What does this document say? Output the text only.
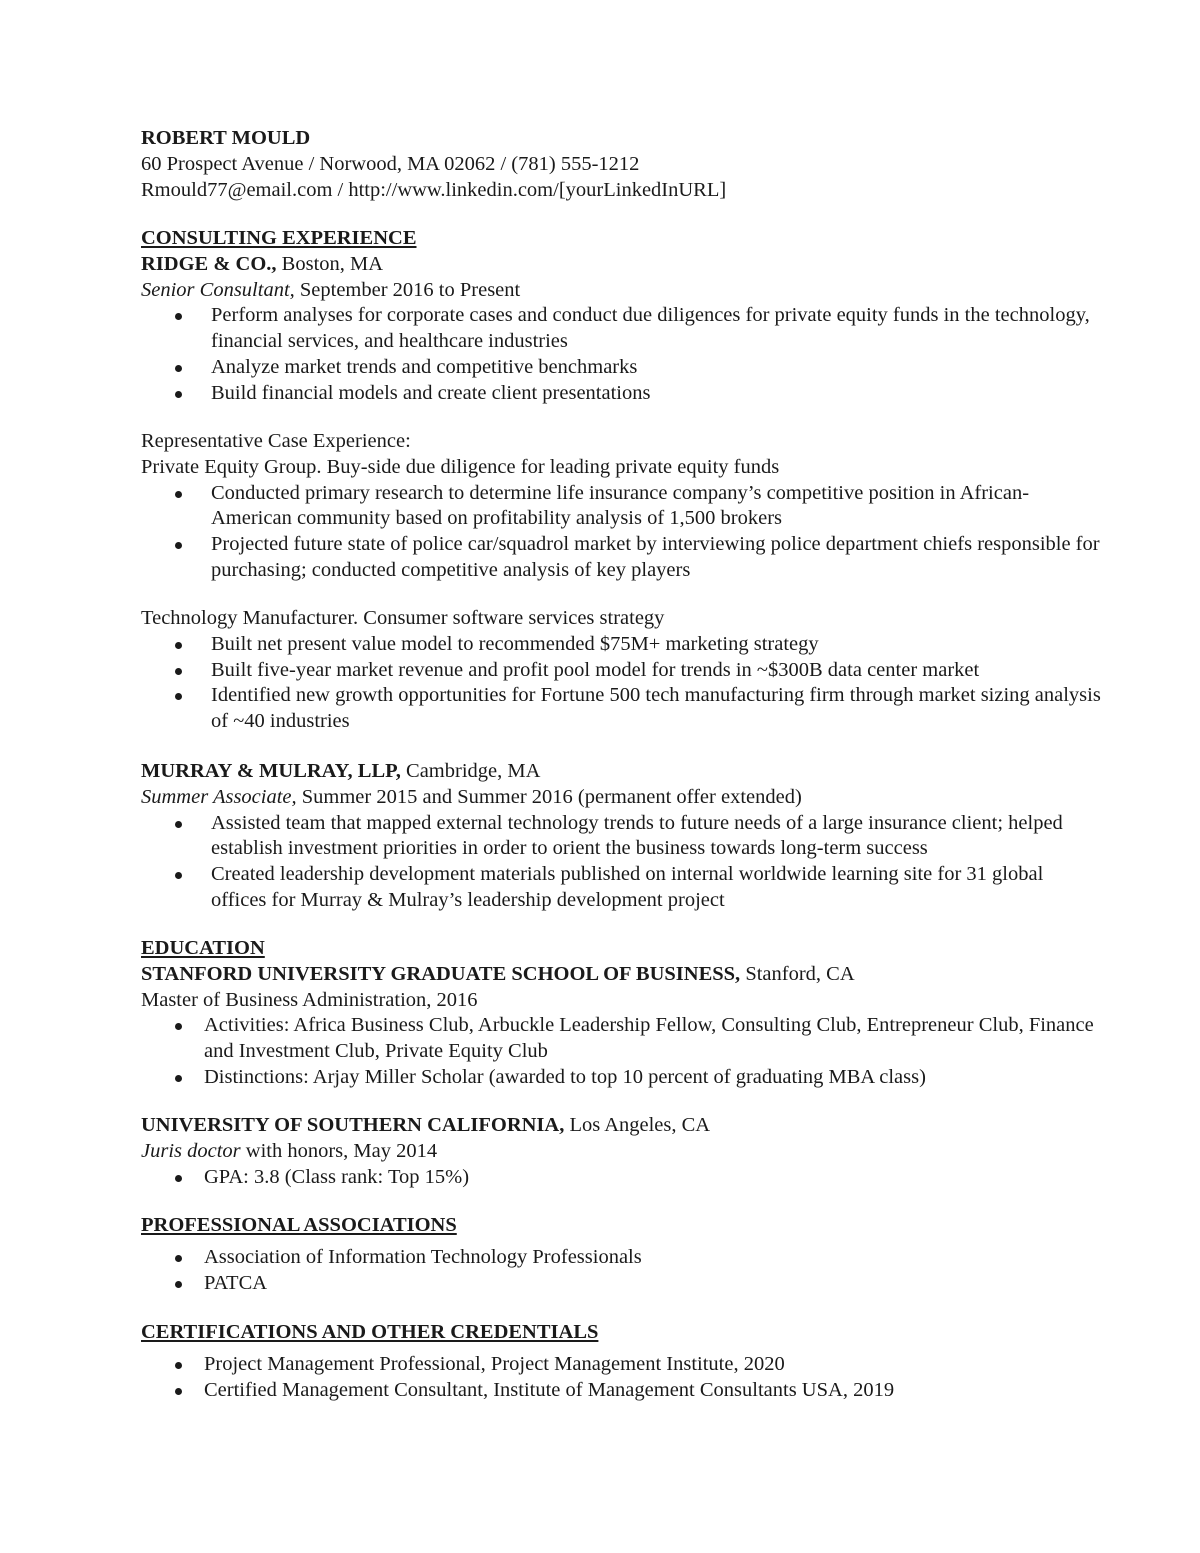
ROBERT MOULD
60 Prospect Avenue / Norwood, MA 02062 / (781) 555-1212
Rmould77@email.com / http://www.linkedin.com/[yourLinkedInURL]
CONSULTING EXPERIENCE
RIDGE & CO., Boston, MA
Senior Consultant, September 2016 to Present
Perform analyses for corporate cases and conduct due diligences for private equity funds in the technology, financial services, and healthcare industries
Analyze market trends and competitive benchmarks
Build financial models and create client presentations
Representative Case Experience:
Private Equity Group. Buy-side due diligence for leading private equity funds
Conducted primary research to determine life insurance company’s competitive position in African-American community based on profitability analysis of 1,500 brokers
Projected future state of police car/squadrol market by interviewing police department chiefs responsible for purchasing; conducted competitive analysis of key players
Technology Manufacturer. Consumer software services strategy
Built net present value model to recommended $75M+ marketing strategy
Built five-year market revenue and profit pool model for trends in ~$300B data center market
Identified new growth opportunities for Fortune 500 tech manufacturing firm through market sizing analysis of ~40 industries
MURRAY & MULRAY, LLP, Cambridge, MA
Summer Associate, Summer 2015 and Summer 2016 (permanent offer extended)
Assisted team that mapped external technology trends to future needs of a large insurance client; helped establish investment priorities in order to orient the business towards long-term success
Created leadership development materials published on internal worldwide learning site for 31 global offices for Murray & Mulray’s leadership development project
EDUCATION
STANFORD UNIVERSITY GRADUATE SCHOOL OF BUSINESS, Stanford, CA
Master of Business Administration, 2016
Activities: Africa Business Club, Arbuckle Leadership Fellow, Consulting Club, Entrepreneur Club, Finance and Investment Club, Private Equity Club
Distinctions: Arjay Miller Scholar (awarded to top 10 percent of graduating MBA class)
UNIVERSITY OF SOUTHERN CALIFORNIA, Los Angeles, CA
Juris doctor with honors, May 2014
GPA: 3.8 (Class rank: Top 15%)
PROFESSIONAL ASSOCIATIONS
Association of Information Technology Professionals
PATCA
CERTIFICATIONS AND OTHER CREDENTIALS
Project Management Professional, Project Management Institute, 2020
Certified Management Consultant, Institute of Management Consultants USA, 2019
